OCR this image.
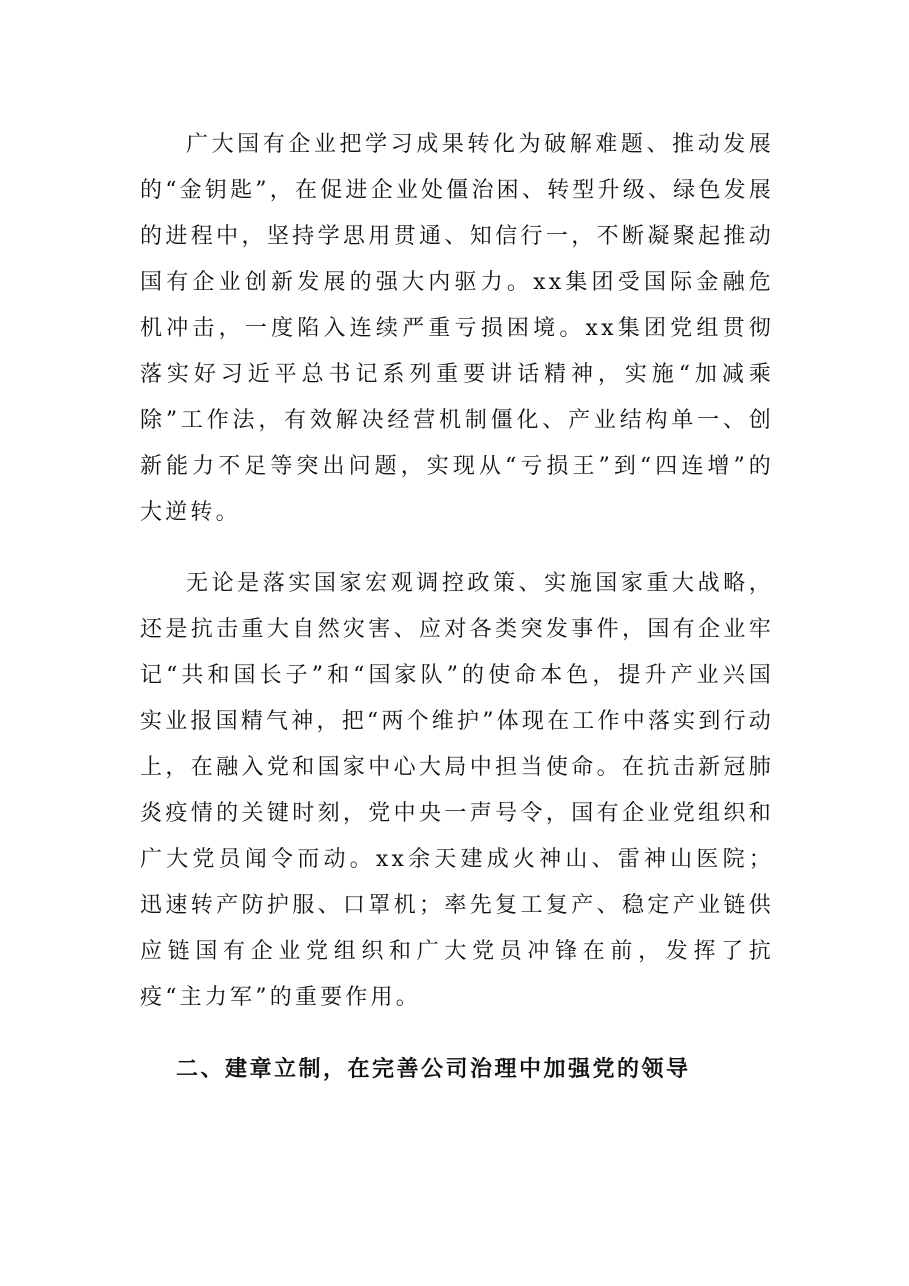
广大国有企业把学习成果转化为破解难题、推动发展的“金钥匙”，在促进企业处僵治困、转型升级、绿色发展的进程中，坚持学思用贯通、知信行一，不断凝聚起推动国有企业创新发展的强大内驱力。xx集团受国际金融危机冲击，一度陷入连续严重亏损困境。xx集团党组贯彻落实好习近平总书记系列重要讲话精神，实施“加减乘除”工作法，有效解决经营机制僵化、产业结构单一、创新能力不足等突出问题，实现从“亏损王”到“四连增”的大逆转。

无论是落实国家宏观调控政策、实施国家重大战略，还是抗击重大自然灾害、应对各类突发事件，国有企业牢记“共和国长子”和“国家队”的使命本色，提升产业兴国实业报国精气神，把“两个维护”体现在工作中落实到行动上，在融入党和国家中心大局中担当使命。在抗击新冠肺炎疫情的关键时刻，党中央一声号令，国有企业党组织和广大党员闻令而动。xx余天建成火神山、雷神山医院；迅速转产防护服、口罩机；率先复工复产、稳定产业链供应链国有企业党组织和广大党员冲锋在前，发挥了抗疫“主力军”的重要作用。

二、建章立制，在完善公司治理中加强党的领导
